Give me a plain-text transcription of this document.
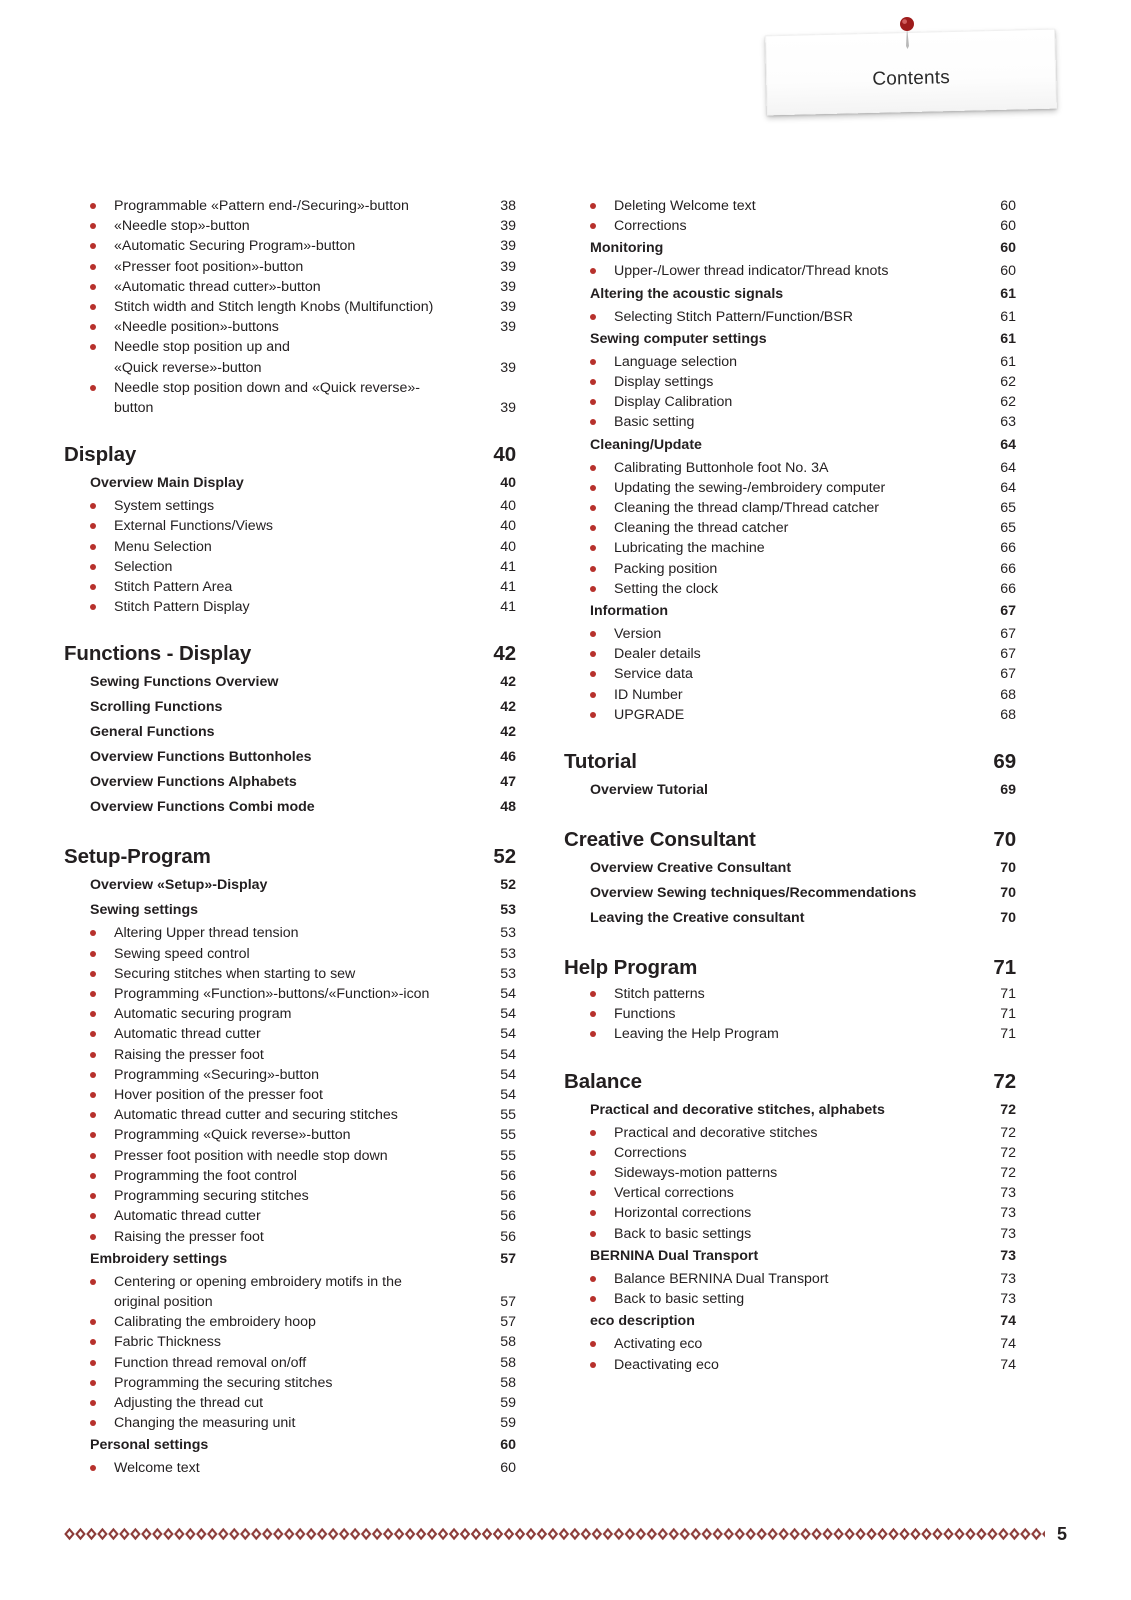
Contents
Programmable «Pattern end-/Securing»-button	38
«Needle stop»-button	39
«Automatic Securing Program»-button	39
«Presser foot position»-button	39
«Automatic thread cutter»-button	39
Stitch width and Stitch length Knobs (Multifunction)	39
«Needle position»-buttons	39
Needle stop position up and
«Quick reverse»-button	39
Needle stop position down and «Quick reverse»-
button	39
Display	40
Overview Main Display	40
System settings	40
External Functions/Views	40
Menu Selection	40
Selection	41
Stitch Pattern Area	41
Stitch Pattern Display	41
Functions - Display	42
Sewing Functions Overview	42
Scrolling Functions	42
General Functions	42
Overview Functions Buttonholes	46
Overview Functions Alphabets	47
Overview Functions Combi mode	48
Setup-Program	52
Overview «Setup»-Display	52
Sewing settings	53
Altering Upper thread tension	53
Sewing speed control	53
Securing stitches when starting to sew	53
Programming «Function»-buttons/«Function»-icon	54
Automatic securing program	54
Automatic thread cutter	54
Raising the presser foot	54
Programming «Securing»-button	54
Hover position of the presser foot	54
Automatic thread cutter and securing stitches	55
Programming «Quick reverse»-button	55
Presser foot position with needle stop down	55
Programming the foot control	56
Programming securing stitches	56
Automatic thread cutter	56
Raising the presser foot	56
Embroidery settings	57
Centering or opening embroidery motifs in the
original position	57
Calibrating the embroidery hoop	57
Fabric Thickness	58
Function thread removal on/off	58
Programming the securing stitches	58
Adjusting the thread cut	59
Changing the measuring unit	59
Personal settings	60
Welcome text	60
Deleting Welcome text	60
Corrections	60
Monitoring	60
Upper-/Lower thread indicator/Thread knots	60
Altering the acoustic signals	61
Selecting Stitch Pattern/Function/BSR	61
Sewing computer settings	61
Language selection	61
Display settings	62
Display Calibration	62
Basic setting	63
Cleaning/Update	64
Calibrating Buttonhole foot No. 3A	64
Updating the sewing-/embroidery computer	64
Cleaning the thread clamp/Thread catcher	65
Cleaning the thread catcher	65
Lubricating the machine	66
Packing position	66
Setting the clock	66
Information	67
Version	67
Dealer details	67
Service data	67
ID Number	68
UPGRADE	68
Tutorial	69
Overview Tutorial	69
Creative Consultant	70
Overview Creative Consultant	70
Overview Sewing techniques/Recommendations	70
Leaving the Creative consultant	70
Help Program	71
Stitch patterns	71
Functions	71
Leaving the Help Program	71
Balance	72
Practical and decorative stitches, alphabets	72
Practical and decorative stitches	72
Corrections	72
Sideways-motion patterns	72
Vertical corrections	73
Horizontal corrections	73
Back to basic settings	73
BERNINA Dual Transport	73
Balance BERNINA Dual Transport	73
Back to basic setting	73
eco description	74
Activating eco	74
Deactivating eco	74
5
